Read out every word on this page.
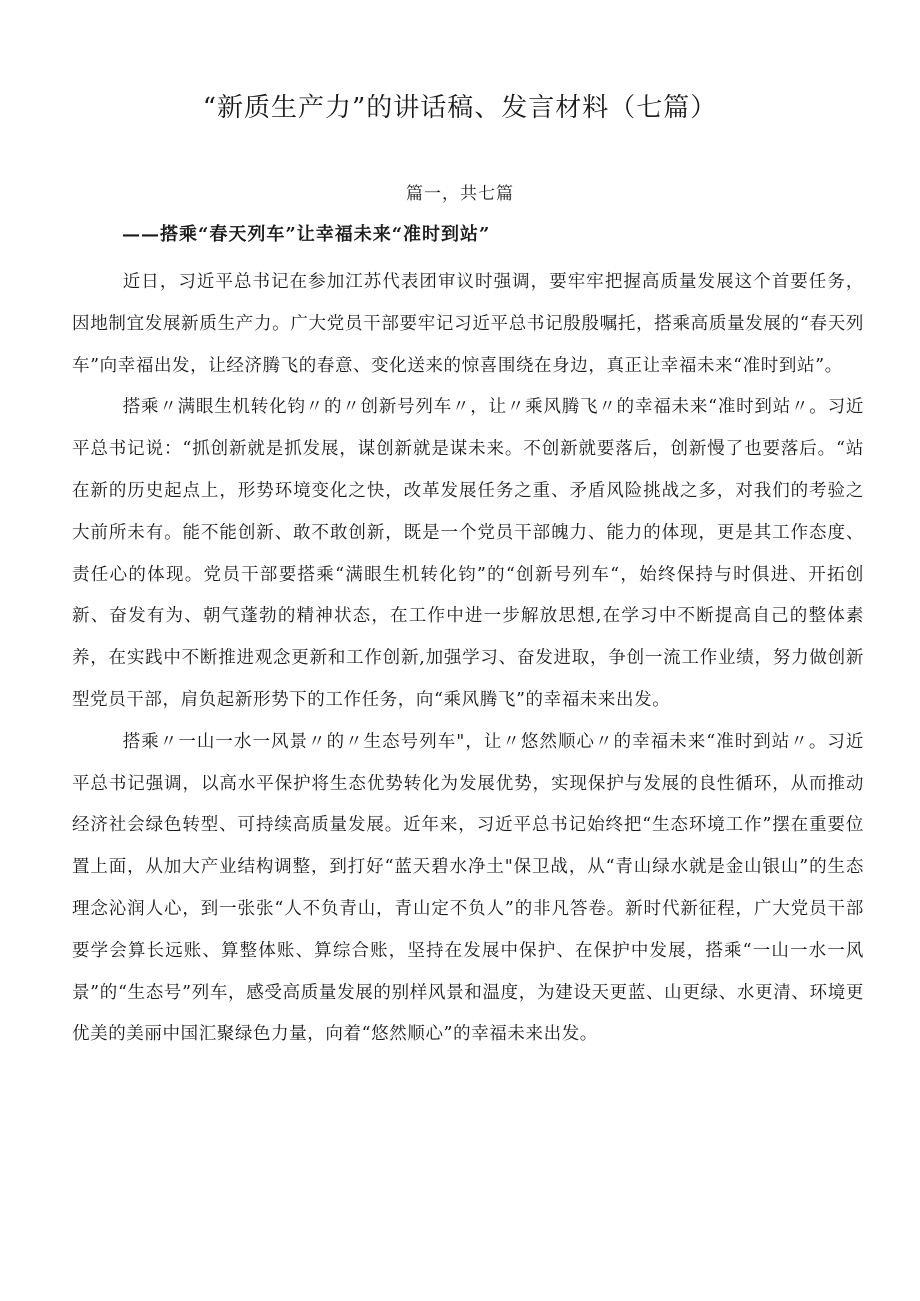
“新质生产力”的讲话稿、发言材料（七篇）
篇一，共七篇
——搭乘“春天列车”让幸福未来“准时到站”

近日，习近平总书记在参加江苏代表团审议时强调，要牢牢把握高质量发展这个首要任务，因地制宜发展新质生产力。广大党员干部要牢记习近平总书记殷殷嘱托，搭乘高质量发展的“春天列车”向幸福出发，让经济腾飞的春意、变化送来的惊喜围绕在身边，真正让幸福未来“准时到站”。

搭乘〃满眼生机转化钧〃的〃创新号列车〃，让〃乘风腾飞〃的幸福未来“准时到站〃。习近平总书记说：“抓创新就是抓发展，谋创新就是谋未来。不创新就要落后，创新慢了也要落后。“站在新的历史起点上，形势环境变化之快，改革发展任务之重、矛盾风险挑战之多，对我们的考验之大前所未有。能不能创新、敢不敢创新，既是一个党员干部魄力、能力的体现，更是其工作态度、责任心的体现。党员干部要搭乘“满眼生机转化钧”的“创新号列车“，始终保持与时俱进、开拓创新、奋发有为、朝气蓬勃的精神状态，在工作中进一步解放思想,在学习中不断提高自己的整体素养，在实践中不断推进观念更新和工作创新,加强学习、奋发进取，争创一流工作业绩，努力做创新型党员干部，肩负起新形势下的工作任务，向“乘风腾飞”的幸福未来出发。

搭乘〃一山一水一风景〃的〃生态号列车"，让〃悠然顺心〃的幸福未来“准时到站〃。习近平总书记强调，以高水平保护将生态优势转化为发展优势，实现保护与发展的良性循环，从而推动经济社会绿色转型、可持续高质量发展。近年来，习近平总书记始终把“生态环境工作”摆在重要位置上面，从加大产业结构调整，到打好“蓝天碧水净土"保卫战，从“青山绿水就是金山银山”的生态理念沁润人心，到一张张“人不负青山，青山定不负人”的非凡答卷。新时代新征程，广大党员干部要学会算长远账、算整体账、算综合账，坚持在发展中保护、在保护中发展，搭乘“一山一水一风景”的“生态号”列车，感受高质量发展的别样风景和温度，为建设天更蓝、山更绿、水更清、环境更优美的美丽中国汇聚绿色力量，向着“悠然顺心”的幸福未来出发。
